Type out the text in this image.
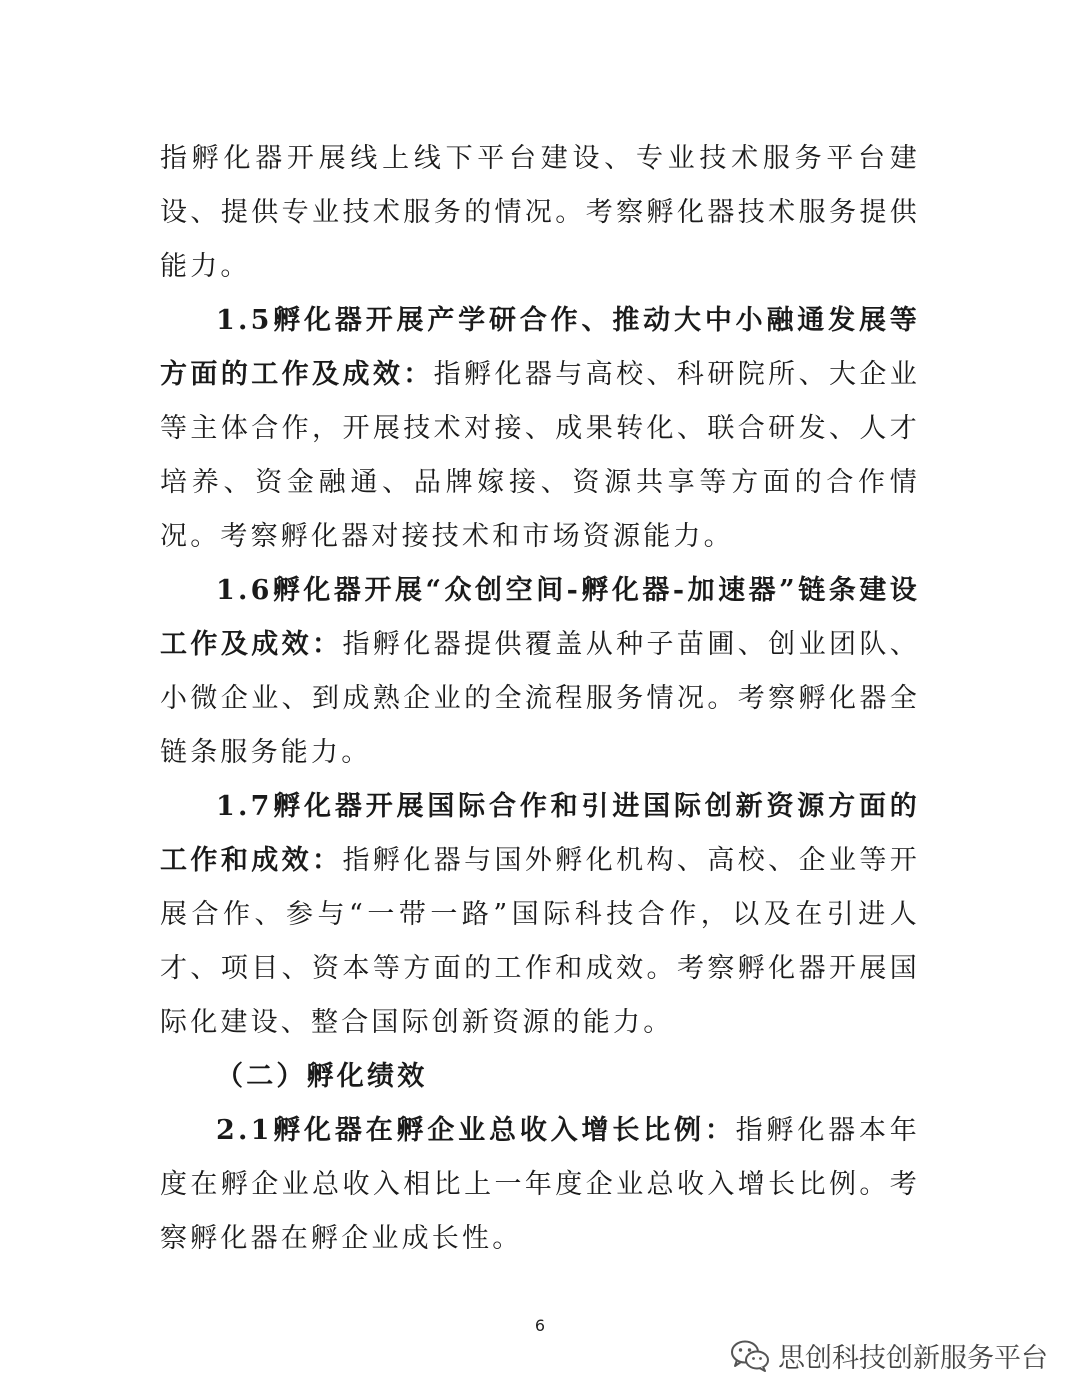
指孵化器开展线上线下平台建设、专业技术服务平台建设、提供专业技术服务的情况。考察孵化器技术服务提供能力。

1.5孵化器开展产学研合作、推动大中小融通发展等方面的工作及成效：指孵化器与高校、科研院所、大企业等主体合作，开展技术对接、成果转化、联合研发、人才培养、资金融通、品牌嫁接、资源共享等方面的合作情况。考察孵化器对接技术和市场资源能力。

1.6孵化器开展“众创空间-孵化器-加速器”链条建设工作及成效：指孵化器提供覆盖从种子苗圃、创业团队、小微企业、到成熟企业的全流程服务情况。考察孵化器全链条服务能力。

1.7孵化器开展国际合作和引进国际创新资源方面的工作和成效：指孵化器与国外孵化机构、高校、企业等开展合作、参与“一带一路”国际科技合作，以及在引进人才、项目、资本等方面的工作和成效。考察孵化器开展国际化建设、整合国际创新资源的能力。

（二）孵化绩效

2.1孵化器在孵企业总收入增长比例：指孵化器本年度在孵企业总收入相比上一年度企业总收入增长比例。考察孵化器在孵企业成长性。

6
思创科技创新服务平台
